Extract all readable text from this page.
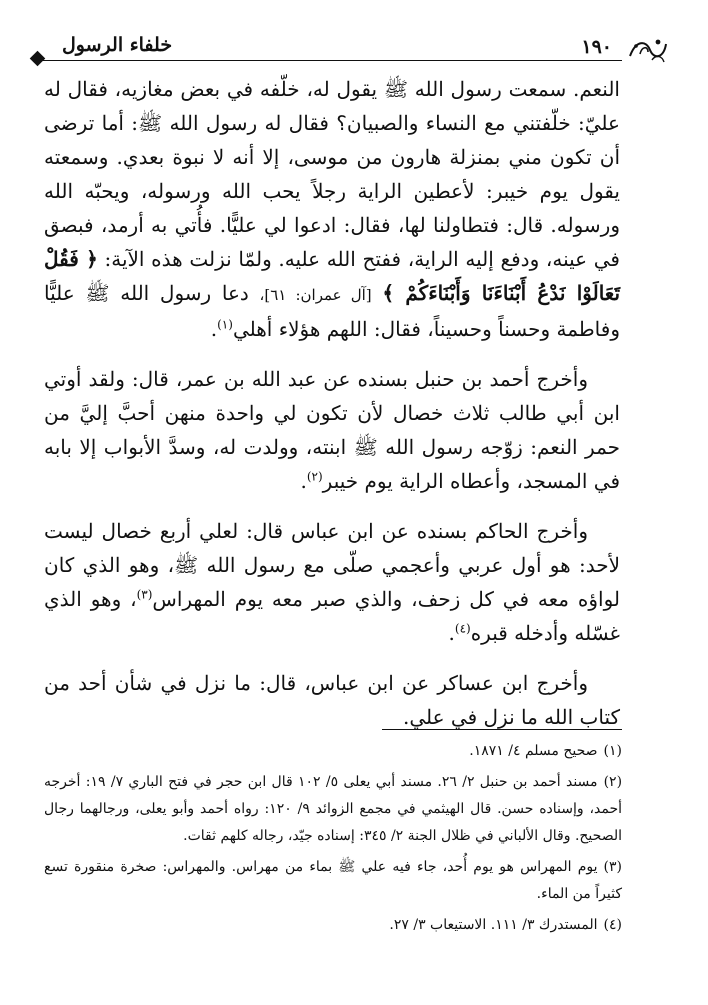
خلفاء الرسول	١٩٠

النعم. سمعت رسول الله ﷺ يقول له، خلّفه في بعض مغازيه، فقال له عليّ: خلّفتني مع النساء والصبيان؟ فقال له رسول الله ﷺ: أما ترضى أن تكون مني بمنزلة هارون من موسى، إلا أنه لا نبوة بعدي. وسمعته يقول يوم خيبر: لأعطين الراية رجلاً يحب الله ورسوله، ويحبّه الله ورسوله. قال: فتطاولنا لها، فقال: ادعوا لي عليًّا. فأُتي به أرمد، فبصق في عينه، ودفع إليه الراية، ففتح الله عليه. ولمّا نزلت هذه الآية: ﴿ فَقُلْ تَعَالَوْا نَدْعُ أَبْنَاءَنَا وَأَبْنَاءَكُمْ ﴾ [آل عمران: ٦١]، دعا رسول الله ﷺ عليًّا وفاطمة وحسناً وحسيناً، فقال: اللهم هؤلاء أهلي$^{(١)}$.

وأخرج أحمد بن حنبل بسنده عن عبد الله بن عمر، قال: ولقد أوتي ابن أبي طالب ثلاث خصال لأن تكون لي واحدة منهن أحبَّ إليَّ من حمر النعم: زوّجه رسول الله ﷺ ابنته، وولدت له، وسدَّ الأبواب إلا بابه في المسجد، وأعطاه الراية يوم خيبر$^{(٢)}$.

وأخرج الحاكم بسنده عن ابن عباس قال: لعلي أربع خصال ليست لأحد: هو أول عربي وأعجمي صلّى مع رسول الله ﷺ، وهو الذي كان لواؤه معه في كل زحف، والذي صبر معه يوم المهراس$^{(٣)}$، وهو الذي غسّله وأدخله قبره$^{(٤)}$.

وأخرج ابن عساكر عن ابن عباس، قال: ما نزل في شأن أحد من كتاب الله ما نزل في علي.

(١)صحيح مسلم ٤/ ١٨٧١.

(٢)مسند أحمد بن حنبل ٢/ ٢٦. مسند أبي يعلى ٥/ ١٠٢ قال ابن حجر في فتح الباري ٧/ ١٩: أخرجه أحمد، وإسناده حسن. قال الهيثمي في مجمع الزوائد ٩/ ١٢٠: رواه أحمد وأبو يعلى، ورجالهما رجال الصحيح. وقال الألباني في ظلال الجنة ٢/ ٣٤٥: إسناده جيّد، رجاله كلهم ثقات.

(٣)يوم المهراس هو يوم أُحد، جاء فيه علي ﷺ بماء من مهراس. والمهراس: صخرة منقورة تسع كثيراً من الماء.

(٤)المستدرك ٣/ ١١١. الاستيعاب ٣/ ٢٧.
